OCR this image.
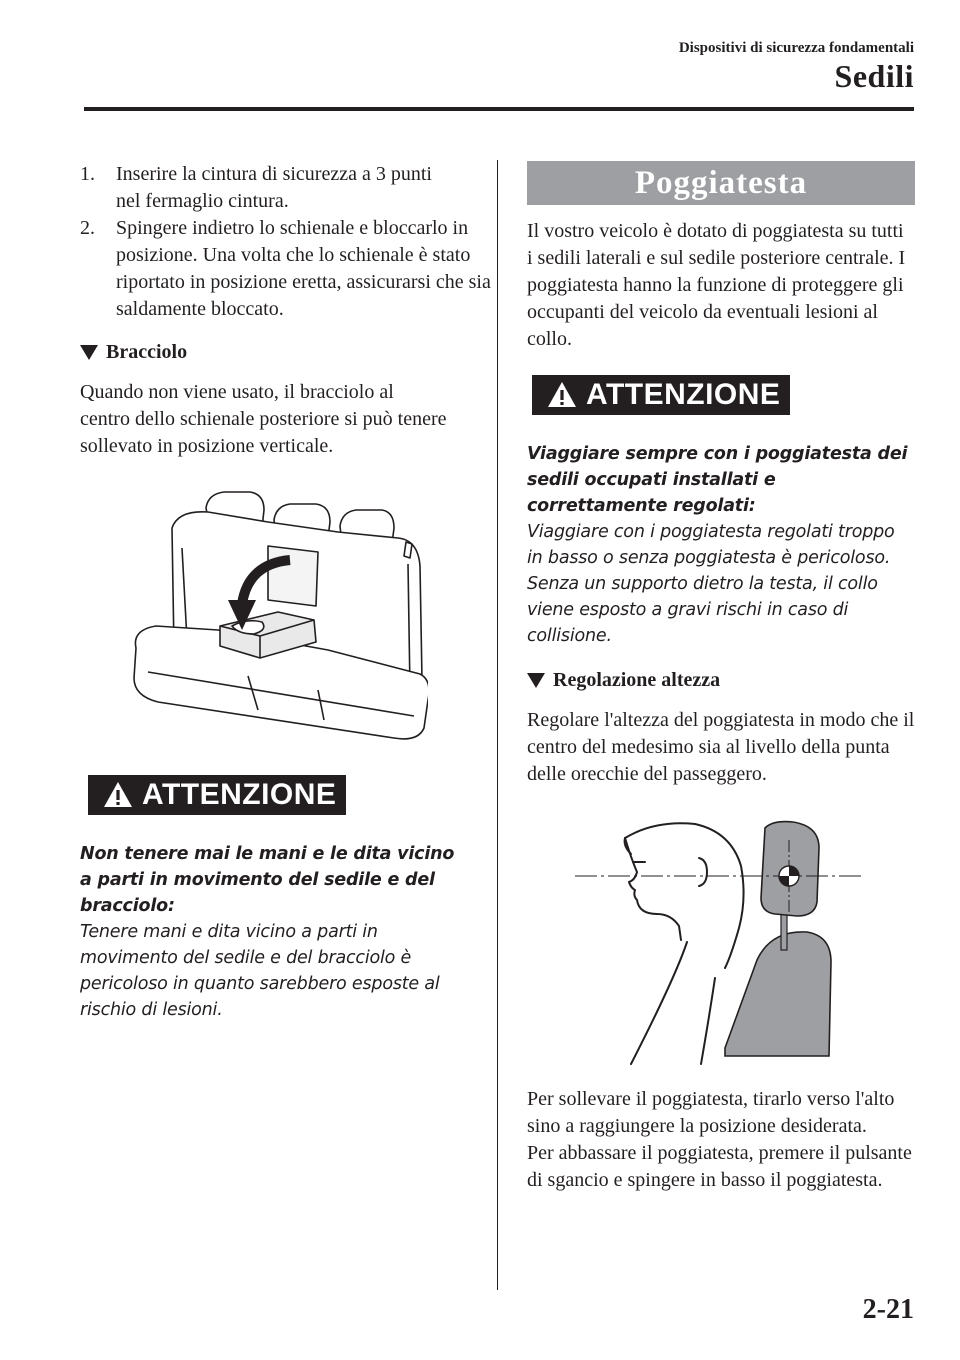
Dispositivi di sicurezza fondamentali
Sedili
1. Inserire la cintura di sicurezza a 3 punti nel fermaglio cintura.
2. Spingere indietro lo schienale e bloccarlo in posizione. Una volta che lo schienale è stato riportato in posizione eretta, assicurarsi che sia saldamente bloccato.
Bracciolo

Quando non viene usato, il bracciolo al centro dello schienale posteriore si può tenere sollevato in posizione verticale.

ATTENZIONE

Non tenere mai le mani e le dita vicino a parti in movimento del sedile e del bracciolo:

Tenere mani e dita vicino a parti in movimento del sedile e del bracciolo è pericoloso in quanto sarebbero esposte al rischio di lesioni.

Poggiatesta

Il vostro veicolo è dotato di poggiatesta su tutti i sedili laterali e sul sedile posteriore centrale. I poggiatesta hanno la funzione di proteggere gli occupanti del veicolo da eventuali lesioni al collo.

ATTENZIONE

Viaggiare sempre con i poggiatesta dei sedili occupati installati e correttamente regolati:

Viaggiare con i poggiatesta regolati troppo in basso o senza poggiatesta è pericoloso. Senza un supporto dietro la testa, il collo viene esposto a gravi rischi in caso di collisione.

Regolazione altezza

Regolare l'altezza del poggiatesta in modo che il centro del medesimo sia al livello della punta delle orecchie del passeggero.

Per sollevare il poggiatesta, tirarlo verso l'alto sino a raggiungere la posizione desiderata.

Per abbassare il poggiatesta, premere il pulsante di sgancio e spingere in basso il poggiatesta.

2-21
